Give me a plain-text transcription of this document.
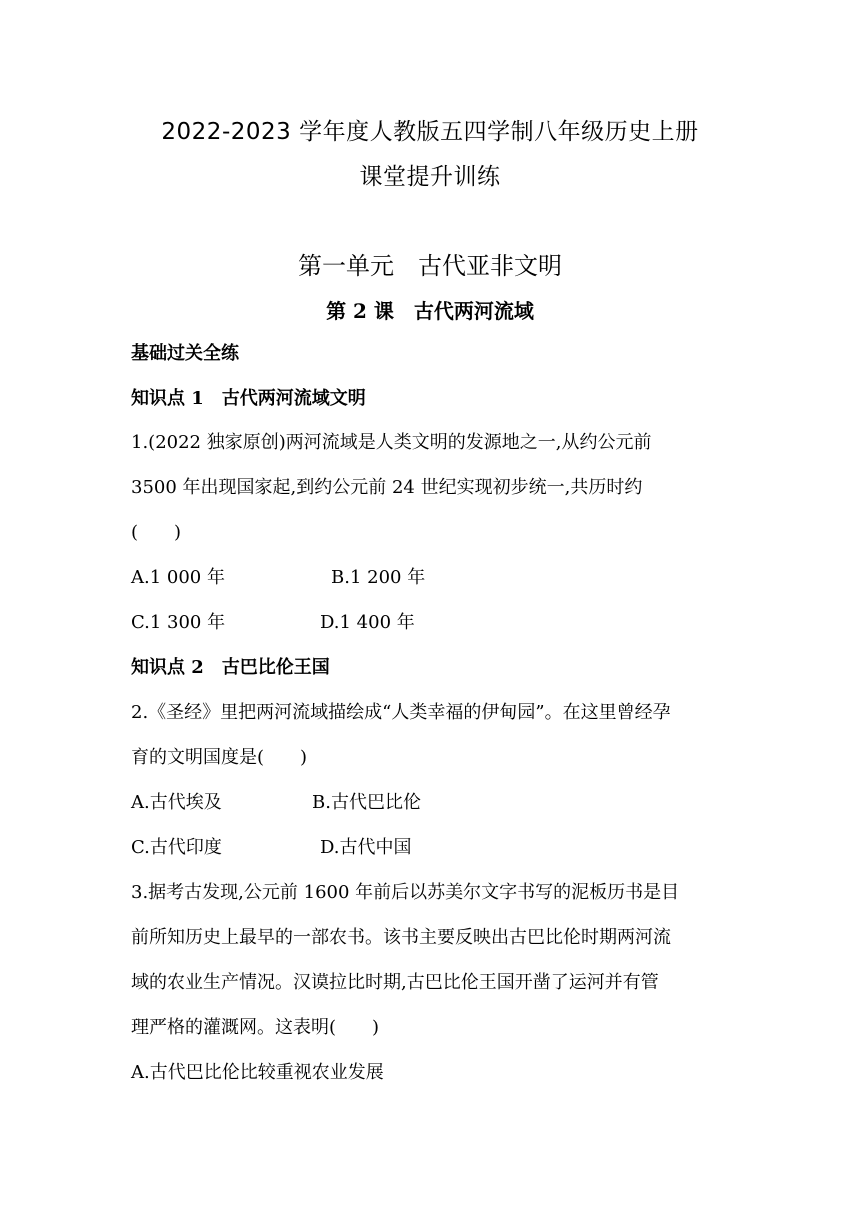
2022-2023 学年度人教版五四学制八年级历史上册
课堂提升训练
第一单元　古代亚非文明
第 2 课　古代两河流域
基础过关全练
知识点 1　古代两河流域文明
1.(2022 独家原创)两河流域是人类文明的发源地之一,从约公元前
3500 年出现国家起,到约公元前 24 世纪实现初步统一,共历时约
(　　)
A.1 000 年	B.1 200 年
C.1 300 年	D.1 400 年
知识点 2　古巴比伦王国
2.《圣经》里把两河流域描绘成“人类幸福的伊甸园”。在这里曾经孕
育的文明国度是(　　)
A.古代埃及	B.古代巴比伦
C.古代印度	D.古代中国
3.据考古发现,公元前 1600 年前后以苏美尔文字书写的泥板历书是目
前所知历史上最早的一部农书。该书主要反映出古巴比伦时期两河流
域的农业生产情况。汉谟拉比时期,古巴比伦王国开凿了运河并有管
理严格的灌溉网。这表明(　　)
A.古代巴比伦比较重视农业发展
